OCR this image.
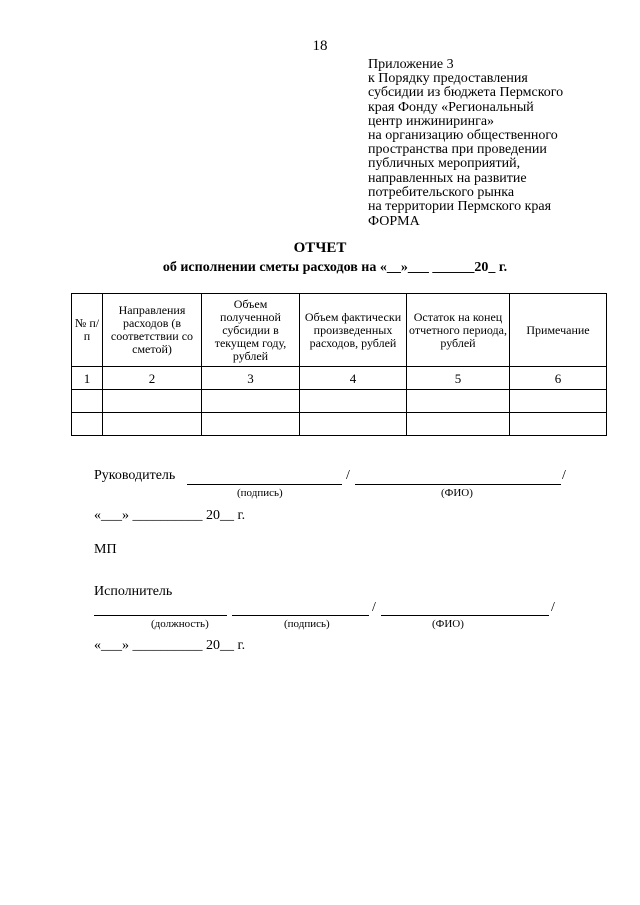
18
Приложение 3
к Порядку предоставления
субсидии из бюджета Пермского
края Фонду «Региональный
центр инжиниринга»
на организацию общественного
пространства при проведении
публичных мероприятий,
направленных на развитие
потребительского рынка
на территории Пермского края
ФОРМА
ОТЧЕТ
об исполнении сметы расходов на «__»___ ______20_ г.
№ п/п	Направления расходов (в соответствии со сметой)	Объем полученной субсидии в текущем году, рублей	Объем фактически произведенных расходов, рублей	Остаток на конец отчетного периода, рублей	Примечание
1	2	3	4	5	6

Руководитель	/	/
(подпись)	(ФИО)
«___» __________ 20__ г.
МП
Исполнитель
/	/
(должность)	(подпись)	(ФИО)
«___» __________ 20__ г.
